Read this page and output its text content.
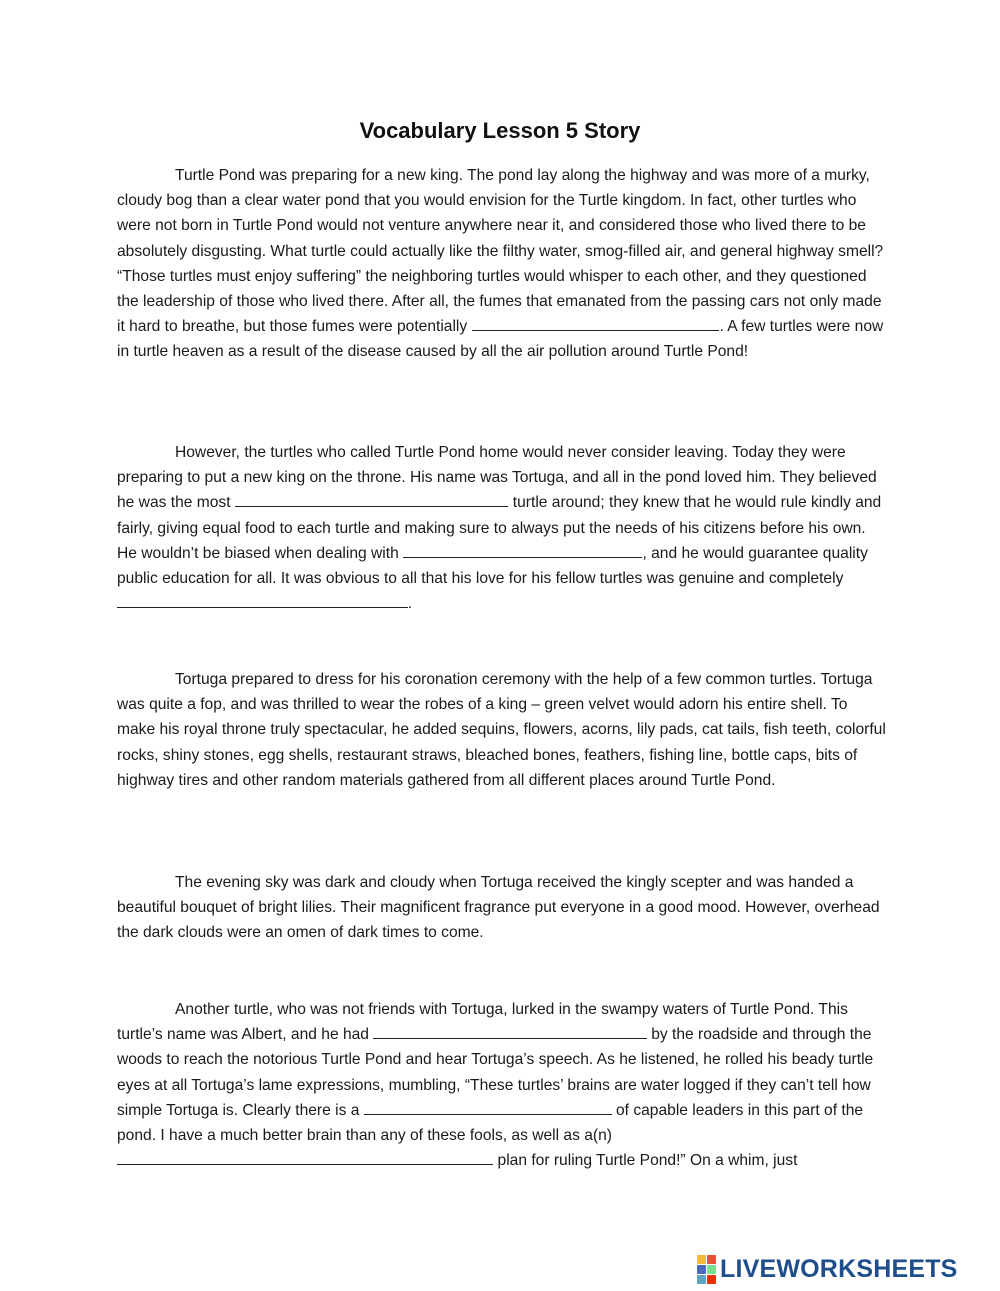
Vocabulary Lesson 5 Story

Turtle Pond was preparing for a new king. The pond lay along the highway and was more of a murky, cloudy bog than a clear water pond that you would envision for the Turtle kingdom. In fact, other turtles who were not born in Turtle Pond would not venture anywhere near it, and considered those who lived there to be absolutely disgusting. What turtle could actually like the filthy water, smog-filled air, and general highway smell? “Those turtles must enjoy suffering” the neighboring turtles would whisper to each other, and they questioned the leadership of those who lived there. After all, the fumes that emanated from the passing cars not only made it hard to breathe, but those fumes were potentially	. A few turtles were now in turtle heaven as a result of the disease caused by all the air pollution around Turtle Pond!

However, the turtles who called Turtle Pond home would never consider leaving. Today they were preparing to put a new king on the throne. His name was Tortuga, and all in the pond loved him. They believed he was the most	turtle around; they knew that he would rule kindly and fairly, giving equal food to each turtle and making sure to always put the needs of his citizens before his own. He wouldn’t be biased when dealing with	, and he would guarantee quality public education for all. It was obvious to all that his love for his fellow turtles was genuine and completely .

Tortuga prepared to dress for his coronation ceremony with the help of a few common turtles. Tortuga was quite a fop, and was thrilled to wear the robes of a king – green velvet would adorn his entire shell. To make his royal throne truly spectacular, he added sequins, flowers, acorns, lily pads, cat tails, fish teeth, colorful rocks, shiny stones, egg shells, restaurant straws, bleached bones, feathers, fishing line, bottle caps, bits of highway tires and other random materials gathered from all different places around Turtle Pond.

The evening sky was dark and cloudy when Tortuga received the kingly scepter and was handed a beautiful bouquet of bright lilies. Their magnificent fragrance put everyone in a good mood. However, overhead the dark clouds were an omen of dark times to come.

Another turtle, who was not friends with Tortuga, lurked in the swampy waters of Turtle Pond. This turtle’s name was Albert, and he had	by the roadside and through the woods to reach the notorious Turtle Pond and hear Tortuga’s speech. As he listened, he rolled his beady turtle eyes at all Tortuga’s lame expressions, mumbling, “These turtles’ brains are water logged if they can’t tell how simple Tortuga is. Clearly there is a	of capable leaders in this part of the pond. I have a much better brain than any of these fools, as well as a(n)  plan for ruling Turtle Pond!” On a whim, just

LIVEWORKSHEETS
